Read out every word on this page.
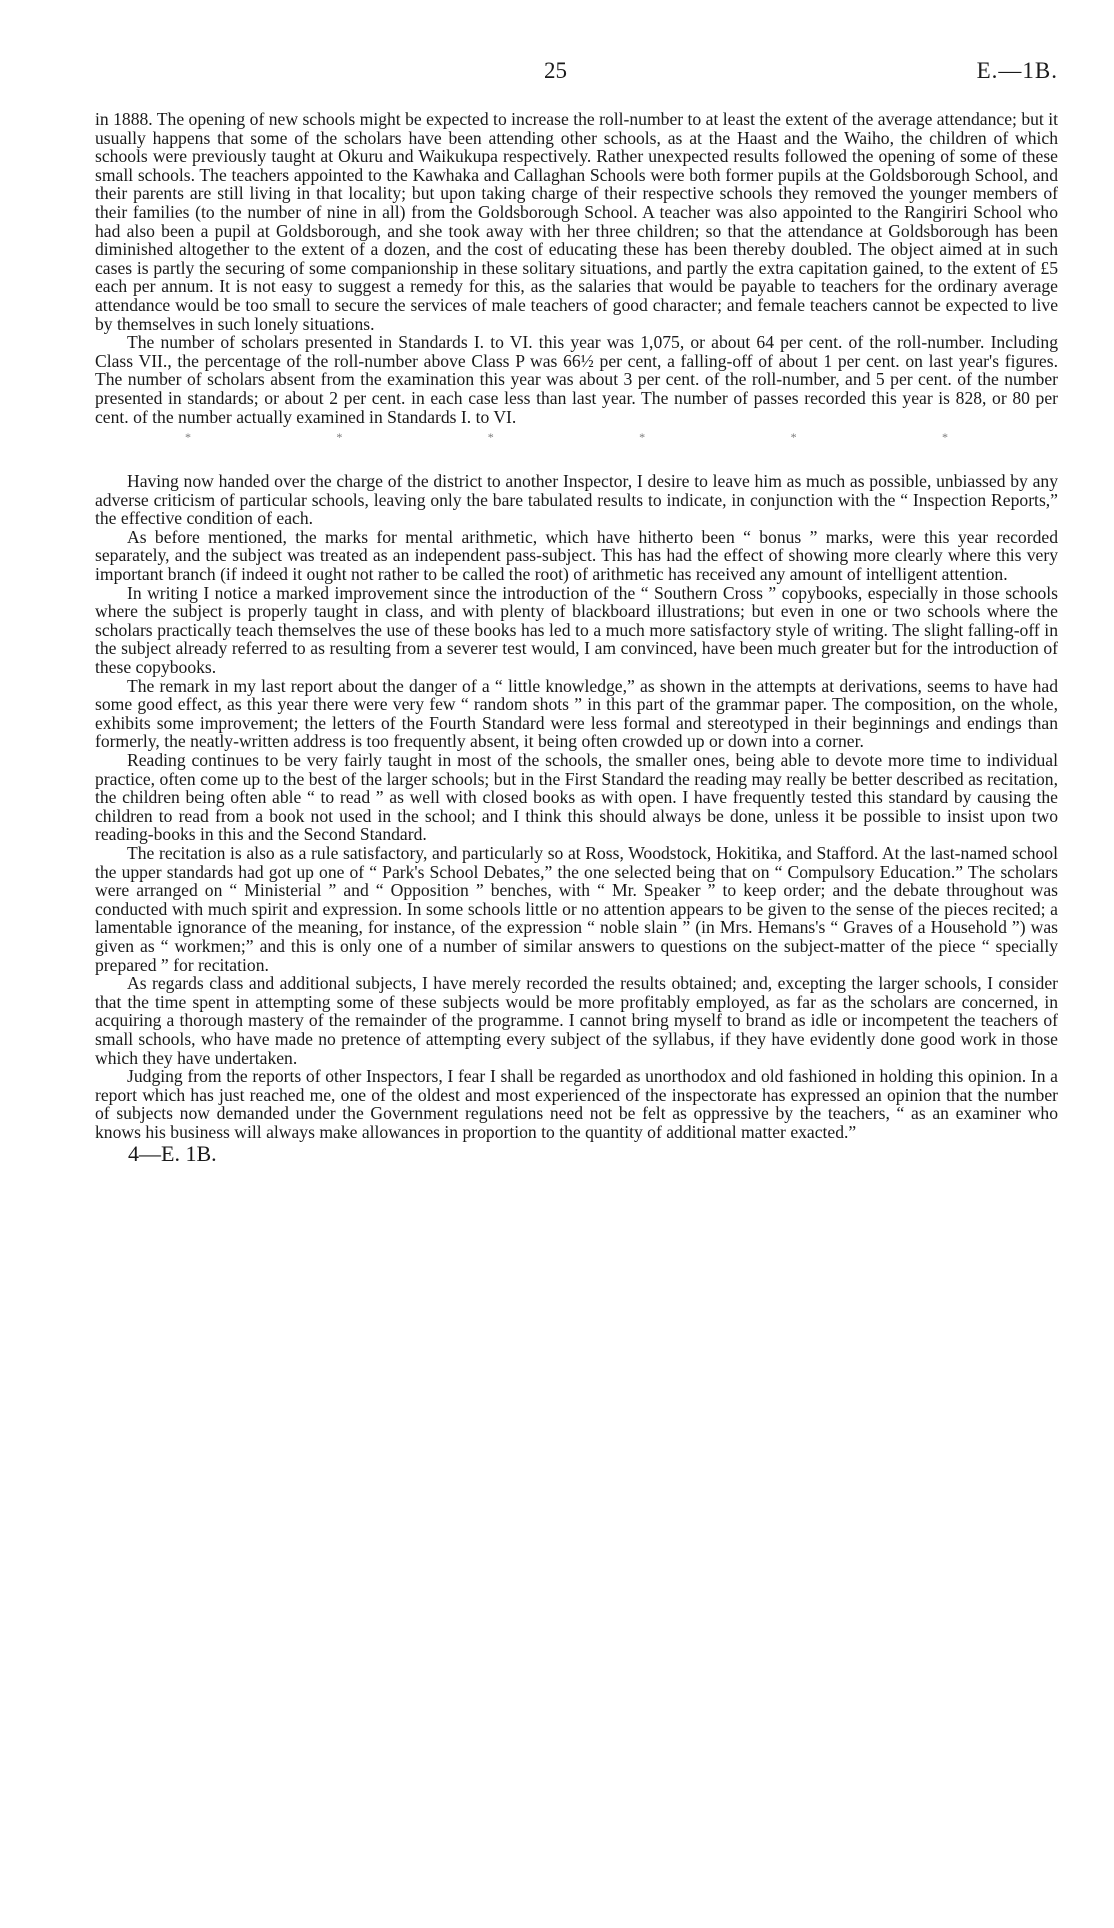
25	E.—1B.

in 1888. The opening of new schools might be expected to increase the roll-number to at least the extent of the average attendance; but it usually happens that some of the scholars have been attending other schools, as at the Haast and the Waiho, the children of which schools were previously taught at Okuru and Waikukupa respectively. Rather unexpected results followed the opening of some of these small schools. The teachers appointed to the Kawhaka and Callaghan Schools were both former pupils at the Goldsborough School, and their parents are still living in that locality; but upon taking charge of their respective schools they removed the younger members of their families (to the number of nine in all) from the Goldsborough School. A teacher was also appointed to the Rangiriri School who had also been a pupil at Goldsborough, and she took away with her three children; so that the attendance at Goldsborough has been diminished altogether to the extent of a dozen, and the cost of educating these has been thereby doubled. The object aimed at in such cases is partly the securing of some companionship in these solitary situations, and partly the extra capitation gained, to the extent of £5 each per annum. It is not easy to suggest a remedy for this, as the salaries that would be payable to teachers for the ordinary average attendance would be too small to secure the services of male teachers of good character; and female teachers cannot be expected to live by themselves in such lonely situations.

The number of scholars presented in Standards I. to VI. this year was 1,075, or about 64 per cent. of the roll-number. Including Class VII., the percentage of the roll-number above Class P was 66½ per cent, a falling-off of about 1 per cent. on last year's figures. The number of scholars absent from the examination this year was about 3 per cent. of the roll-number, and 5 per cent. of the number presented in standards; or about 2 per cent. in each case less than last year. The number of passes recorded this year is 828, or 80 per cent. of the number actually examined in Standards I. to VI.

*	*	*	*	*	*

Having now handed over the charge of the district to another Inspector, I desire to leave him as much as possible, unbiassed by any adverse criticism of particular schools, leaving only the bare tabulated results to indicate, in conjunction with the “ Inspection Reports,” the effective condition of each.

As before mentioned, the marks for mental arithmetic, which have hitherto been “ bonus ” marks, were this year recorded separately, and the subject was treated as an independent pass-subject. This has had the effect of showing more clearly where this very important branch (if indeed it ought not rather to be called the root) of arithmetic has received any amount of intelligent attention.

In writing I notice a marked improvement since the introduction of the “ Southern Cross ” copybooks, especially in those schools where the subject is properly taught in class, and with plenty of blackboard illustrations; but even in one or two schools where the scholars practically teach themselves the use of these books has led to a much more satisfactory style of writing. The slight falling-off in the subject already referred to as resulting from a severer test would, I am convinced, have been much greater but for the introduction of these copybooks.

The remark in my last report about the danger of a “ little knowledge,” as shown in the attempts at derivations, seems to have had some good effect, as this year there were very few “ random shots ” in this part of the grammar paper. The composition, on the whole, exhibits some improvement; the letters of the Fourth Standard were less formal and stereotyped in their beginnings and endings than formerly, the neatly-written address is too frequently absent, it being often crowded up or down into a corner.

Reading continues to be very fairly taught in most of the schools, the smaller ones, being able to devote more time to individual practice, often come up to the best of the larger schools; but in the First Standard the reading may really be better described as recitation, the children being often able “ to read ” as well with closed books as with open. I have frequently tested this standard by causing the children to read from a book not used in the school; and I think this should always be done, unless it be possible to insist upon two reading-books in this and the Second Standard.

The recitation is also as a rule satisfactory, and particularly so at Ross, Woodstock, Hokitika, and Stafford. At the last-named school the upper standards had got up one of “ Park's School Debates,” the one selected being that on “ Compulsory Education.” The scholars were arranged on “ Ministerial ” and “ Opposition ” benches, with “ Mr. Speaker ” to keep order; and the debate throughout was conducted with much spirit and expression. In some schools little or no attention appears to be given to the sense of the pieces recited; a lamentable ignorance of the meaning, for instance, of the expression “ noble slain ” (in Mrs. Hemans's “ Graves of a Household ”) was given as “ workmen;” and this is only one of a number of similar answers to questions on the subject-matter of the piece “ specially prepared ” for recitation.

As regards class and additional subjects, I have merely recorded the results obtained; and, excepting the larger schools, I consider that the time spent in attempting some of these subjects would be more profitably employed, as far as the scholars are concerned, in acquiring a thorough mastery of the remainder of the programme. I cannot bring myself to brand as idle or incompetent the teachers of small schools, who have made no pretence of attempting every subject of the syllabus, if they have evidently done good work in those which they have undertaken.

Judging from the reports of other Inspectors, I fear I shall be regarded as unorthodox and old fashioned in holding this opinion. In a report which has just reached me, one of the oldest and most experienced of the inspectorate has expressed an opinion that the number of subjects now demanded under the Government regulations need not be felt as oppressive by the teachers, “ as an examiner who knows his business will always make allowances in proportion to the quantity of additional matter exacted.”

4—E. 1B.
